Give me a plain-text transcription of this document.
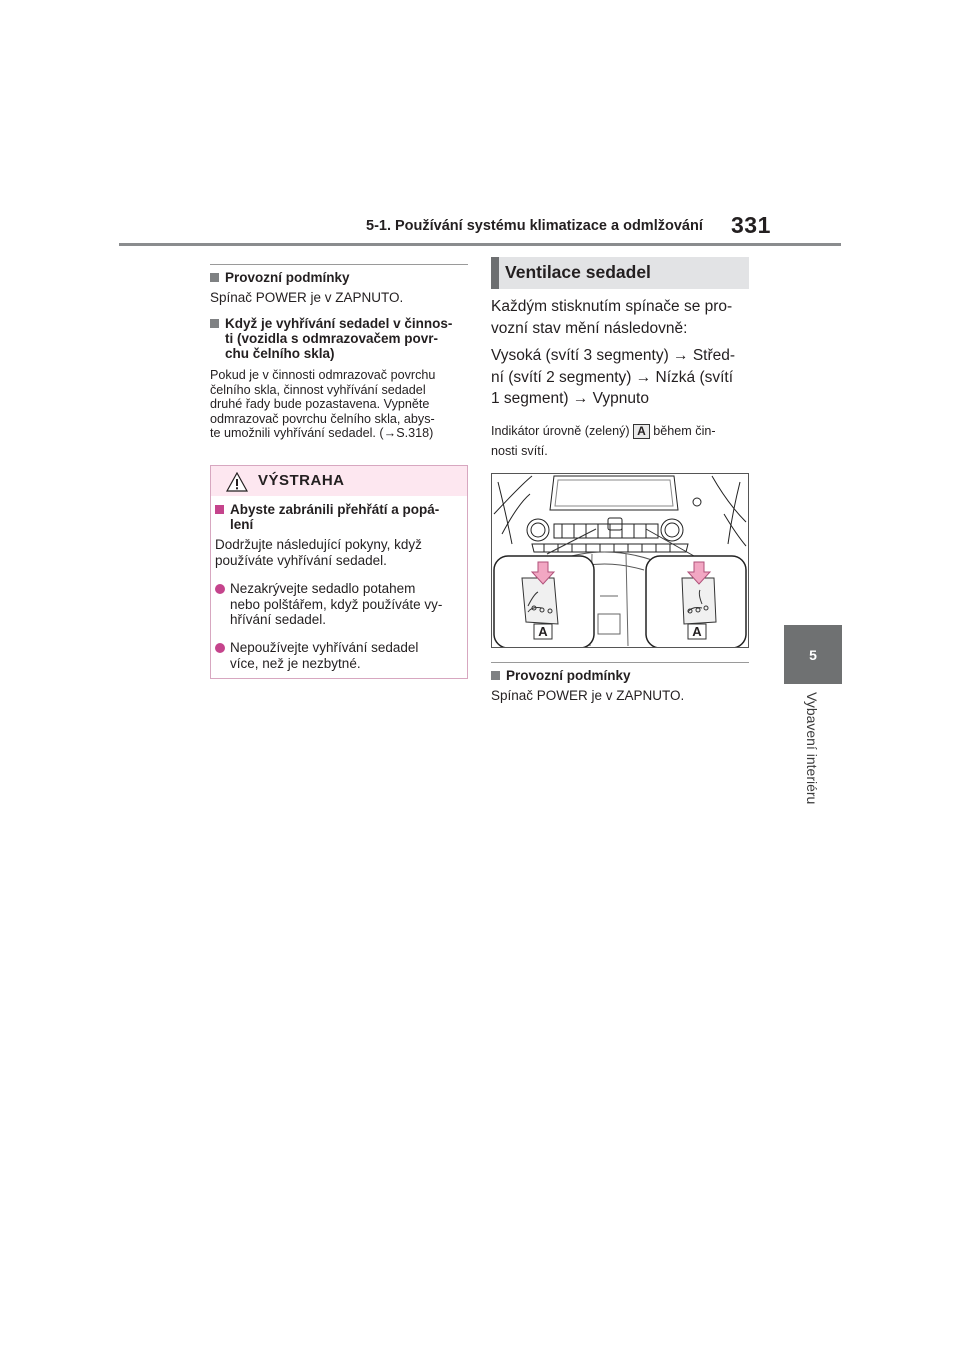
5-1. Používání systému klimatizace a odmlžování 331
5
Vybavení interiéru
Provozní podmínky
Spínač POWER je v ZAPNUTO.
Když je vyhřívání sedadel v činnos-
ti (vozidla s odmrazovačem povr-
chu čelního skla)
Pokud je v činnosti odmrazovač povrchu
čelního skla, činnost vyhřívání sedadel
druhé řady bude pozastavena. Vypněte
odmrazovač povrchu čelního skla, abys-
te umožnili vyhřívání sedadel. (→S.318)
VÝSTRAHA
Abyste zabránili přehřátí a popá-
lení
Dodržujte následující pokyny, když
používáte vyhřívání sedadel.
Nezakrývejte sedadlo potahem
nebo polštářem, když používáte vy-
hřívání sedadel.
Nepoužívejte vyhřívání sedadel
více, než je nezbytné.
Ventilace sedadel
Každým stisknutím spínače se pro-
vozní stav mění následovně:
Vysoká (svítí 3 segmenty) → Střed-
ní (svítí 2 segmenty) → Nízká (svítí
1 segment) → Vypnuto
Indikátor úrovně (zelený) A během čin-
nosti svítí.
A	A
Provozní podmínky
Spínač POWER je v ZAPNUTO.
